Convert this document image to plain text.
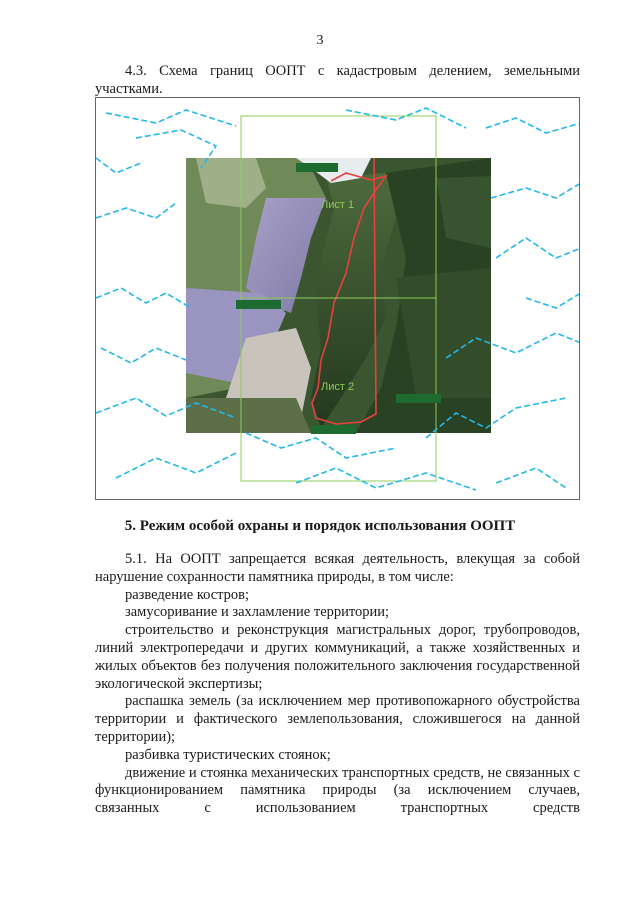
3
4.3. Схема границ ООПТ с кадастровым делением, земельными участками.
Лист 1
Лист 2
5. Режим особой охраны и порядок использования ООПТ

5.1. На ООПТ запрещается всякая деятельность, влекущая за собой нарушение сохранности памятника природы, в том числе:

разведение костров;

замусоривание и захламление территории;

строительство и реконструкция магистральных дорог, трубопроводов, линий электропередачи и других коммуникаций, а также хозяйственных и жилых объектов без получения положительного заключения государственной экологической экспертизы;

распашка земель (за исключением мер противопожарного обустройства территории и фактического землепользования, сложившегося на данной территории);

разбивка туристических стоянок;

движение и стоянка механических транспортных средств, не связанных с функционированием памятника природы (за исключением случаев, связанных с использованием транспортных средств
